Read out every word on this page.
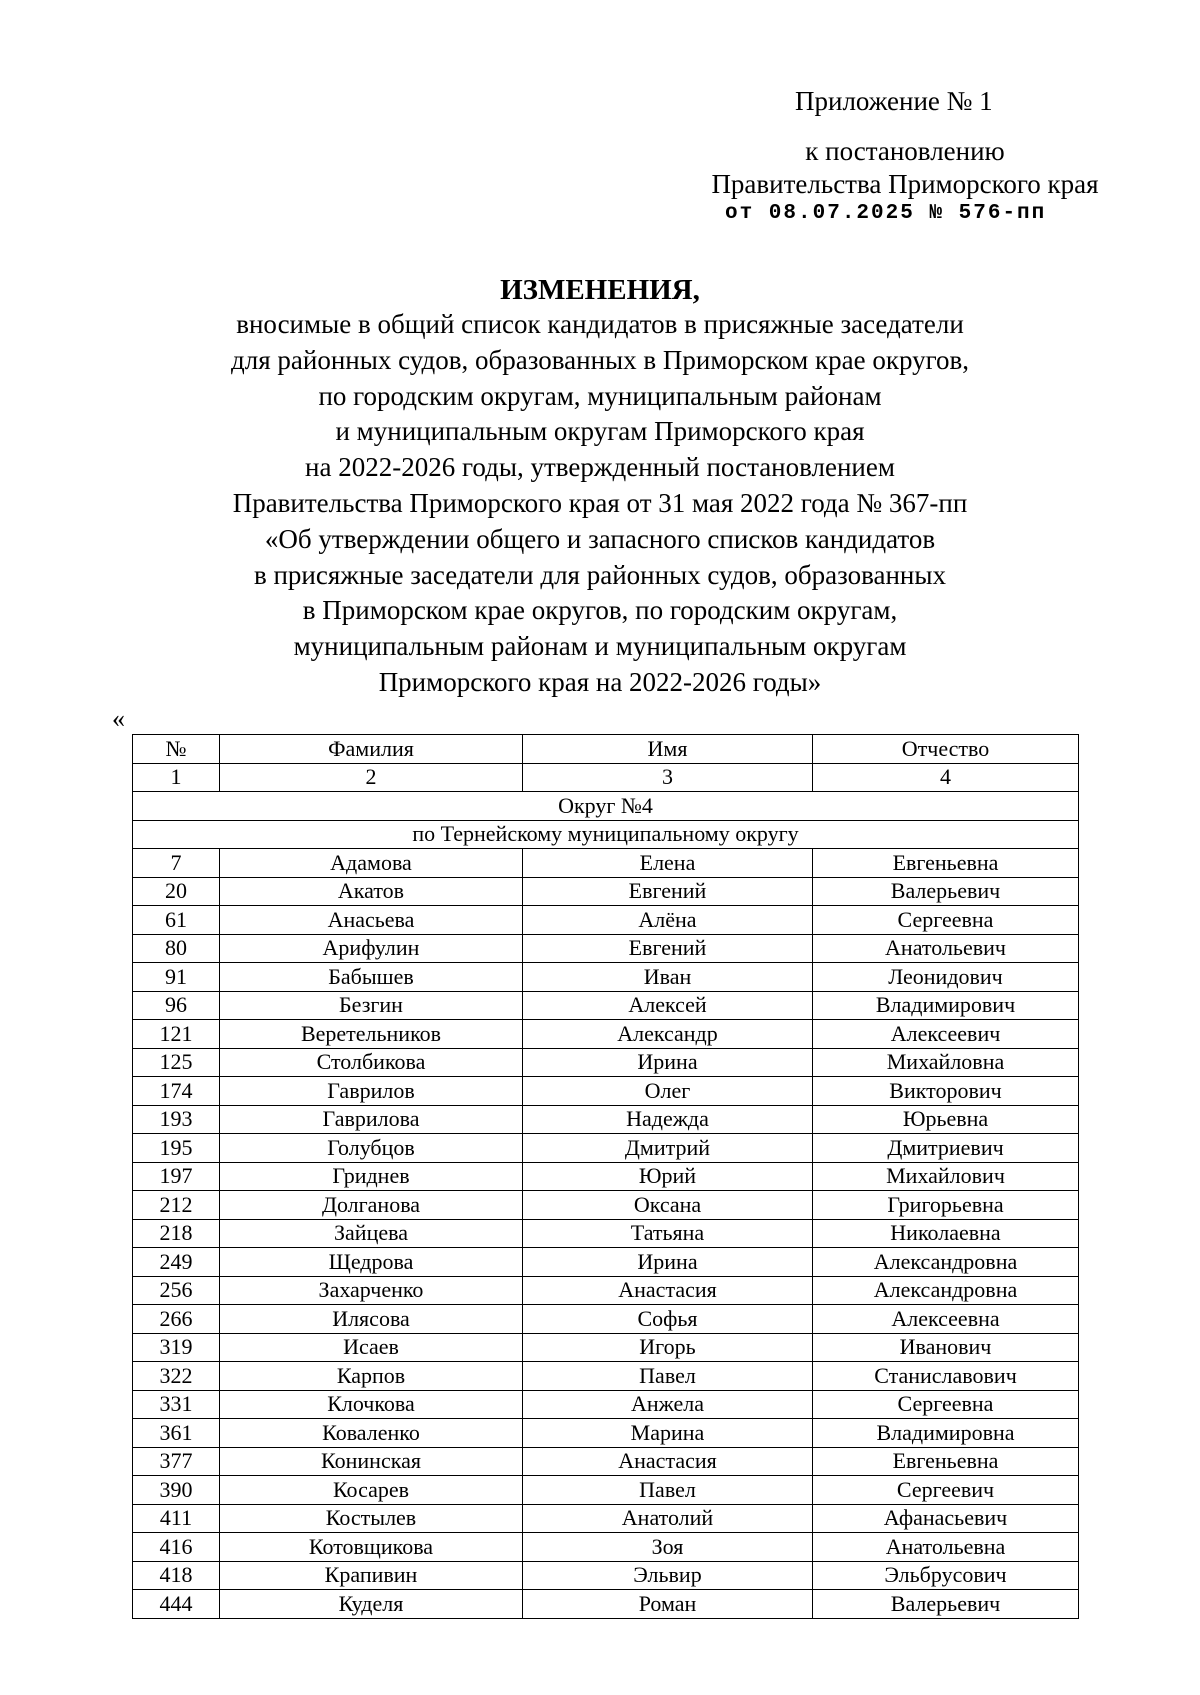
Приложение № 1
к постановлению
Правительства Приморского края
от 08.07.2025 № 576-пп
ИЗМЕНЕНИЯ,
вносимые в общий список кандидатов в присяжные заседатели
для районных судов, образованных в Приморском крае округов,
по городским округам, муниципальным районам
и муниципальным округам Приморского края
на 2022-2026 годы, утвержденный постановлением
Правительства Приморского края от 31 мая 2022 года № 367-пп
«Об утверждении общего и запасного списков кандидатов
в присяжные заседатели для районных судов, образованных
в Приморском крае округов, по городским округам,
муниципальным районам и муниципальным округам
Приморского края на 2022-2026 годы»
«
№	Фамилия	Имя	Отчество
1	2	3	4
Округ №4			
по Тернейскому муниципальному округу			
7	Адамова	Елена	Евгеньевна
20	Акатов	Евгений	Валерьевич
61	Анасьева	Алёна	Сергеевна
80	Арифулин	Евгений	Анатольевич
91	Бабышев	Иван	Леонидович
96	Безгин	Алексей	Владимирович
121	Веретельников	Александр	Алексеевич
125	Столбикова	Ирина	Михайловна
174	Гаврилов	Олег	Викторович
193	Гаврилова	Надежда	Юрьевна
195	Голубцов	Дмитрий	Дмитриевич
197	Гриднев	Юрий	Михайлович
212	Долганова	Оксана	Григорьевна
218	Зайцева	Татьяна	Николаевна
249	Щедрова	Ирина	Александровна
256	Захарченко	Анастасия	Александровна
266	Илясова	Софья	Алексеевна
319	Исаев	Игорь	Иванович
322	Карпов	Павел	Станиславович
331	Клочкова	Анжела	Сергеевна
361	Коваленко	Марина	Владимировна
377	Конинская	Анастасия	Евгеньевна
390	Косарев	Павел	Сергеевич
411	Костылев	Анатолий	Афанасьевич
416	Котовщикова	Зоя	Анатольевна
418	Крапивин	Эльвир	Эльбрусович
444	Куделя	Роман	Валерьевич
